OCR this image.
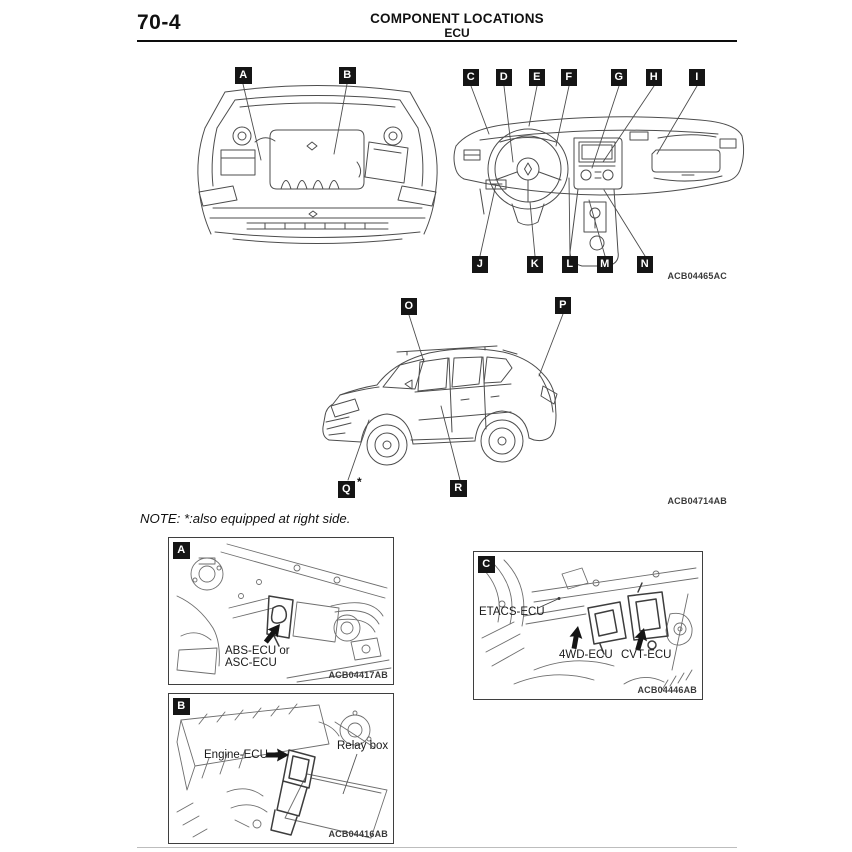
70-4	COMPONENT LOCATIONS
ECU
A	B	C	D	E	F	G	H	I
J	K	L	M	N
ACB04465AC
O	P
Q *	R
ACB04714AB
NOTE: *:also equipped at right side.
A
ABS-ECU or
ASC-ECU
ACB04417AB
C
ETACS-ECU
4WD-ECU CVT-ECU
ACB04446AB
B
Engine-ECU
Relay box
ACB04416AB
